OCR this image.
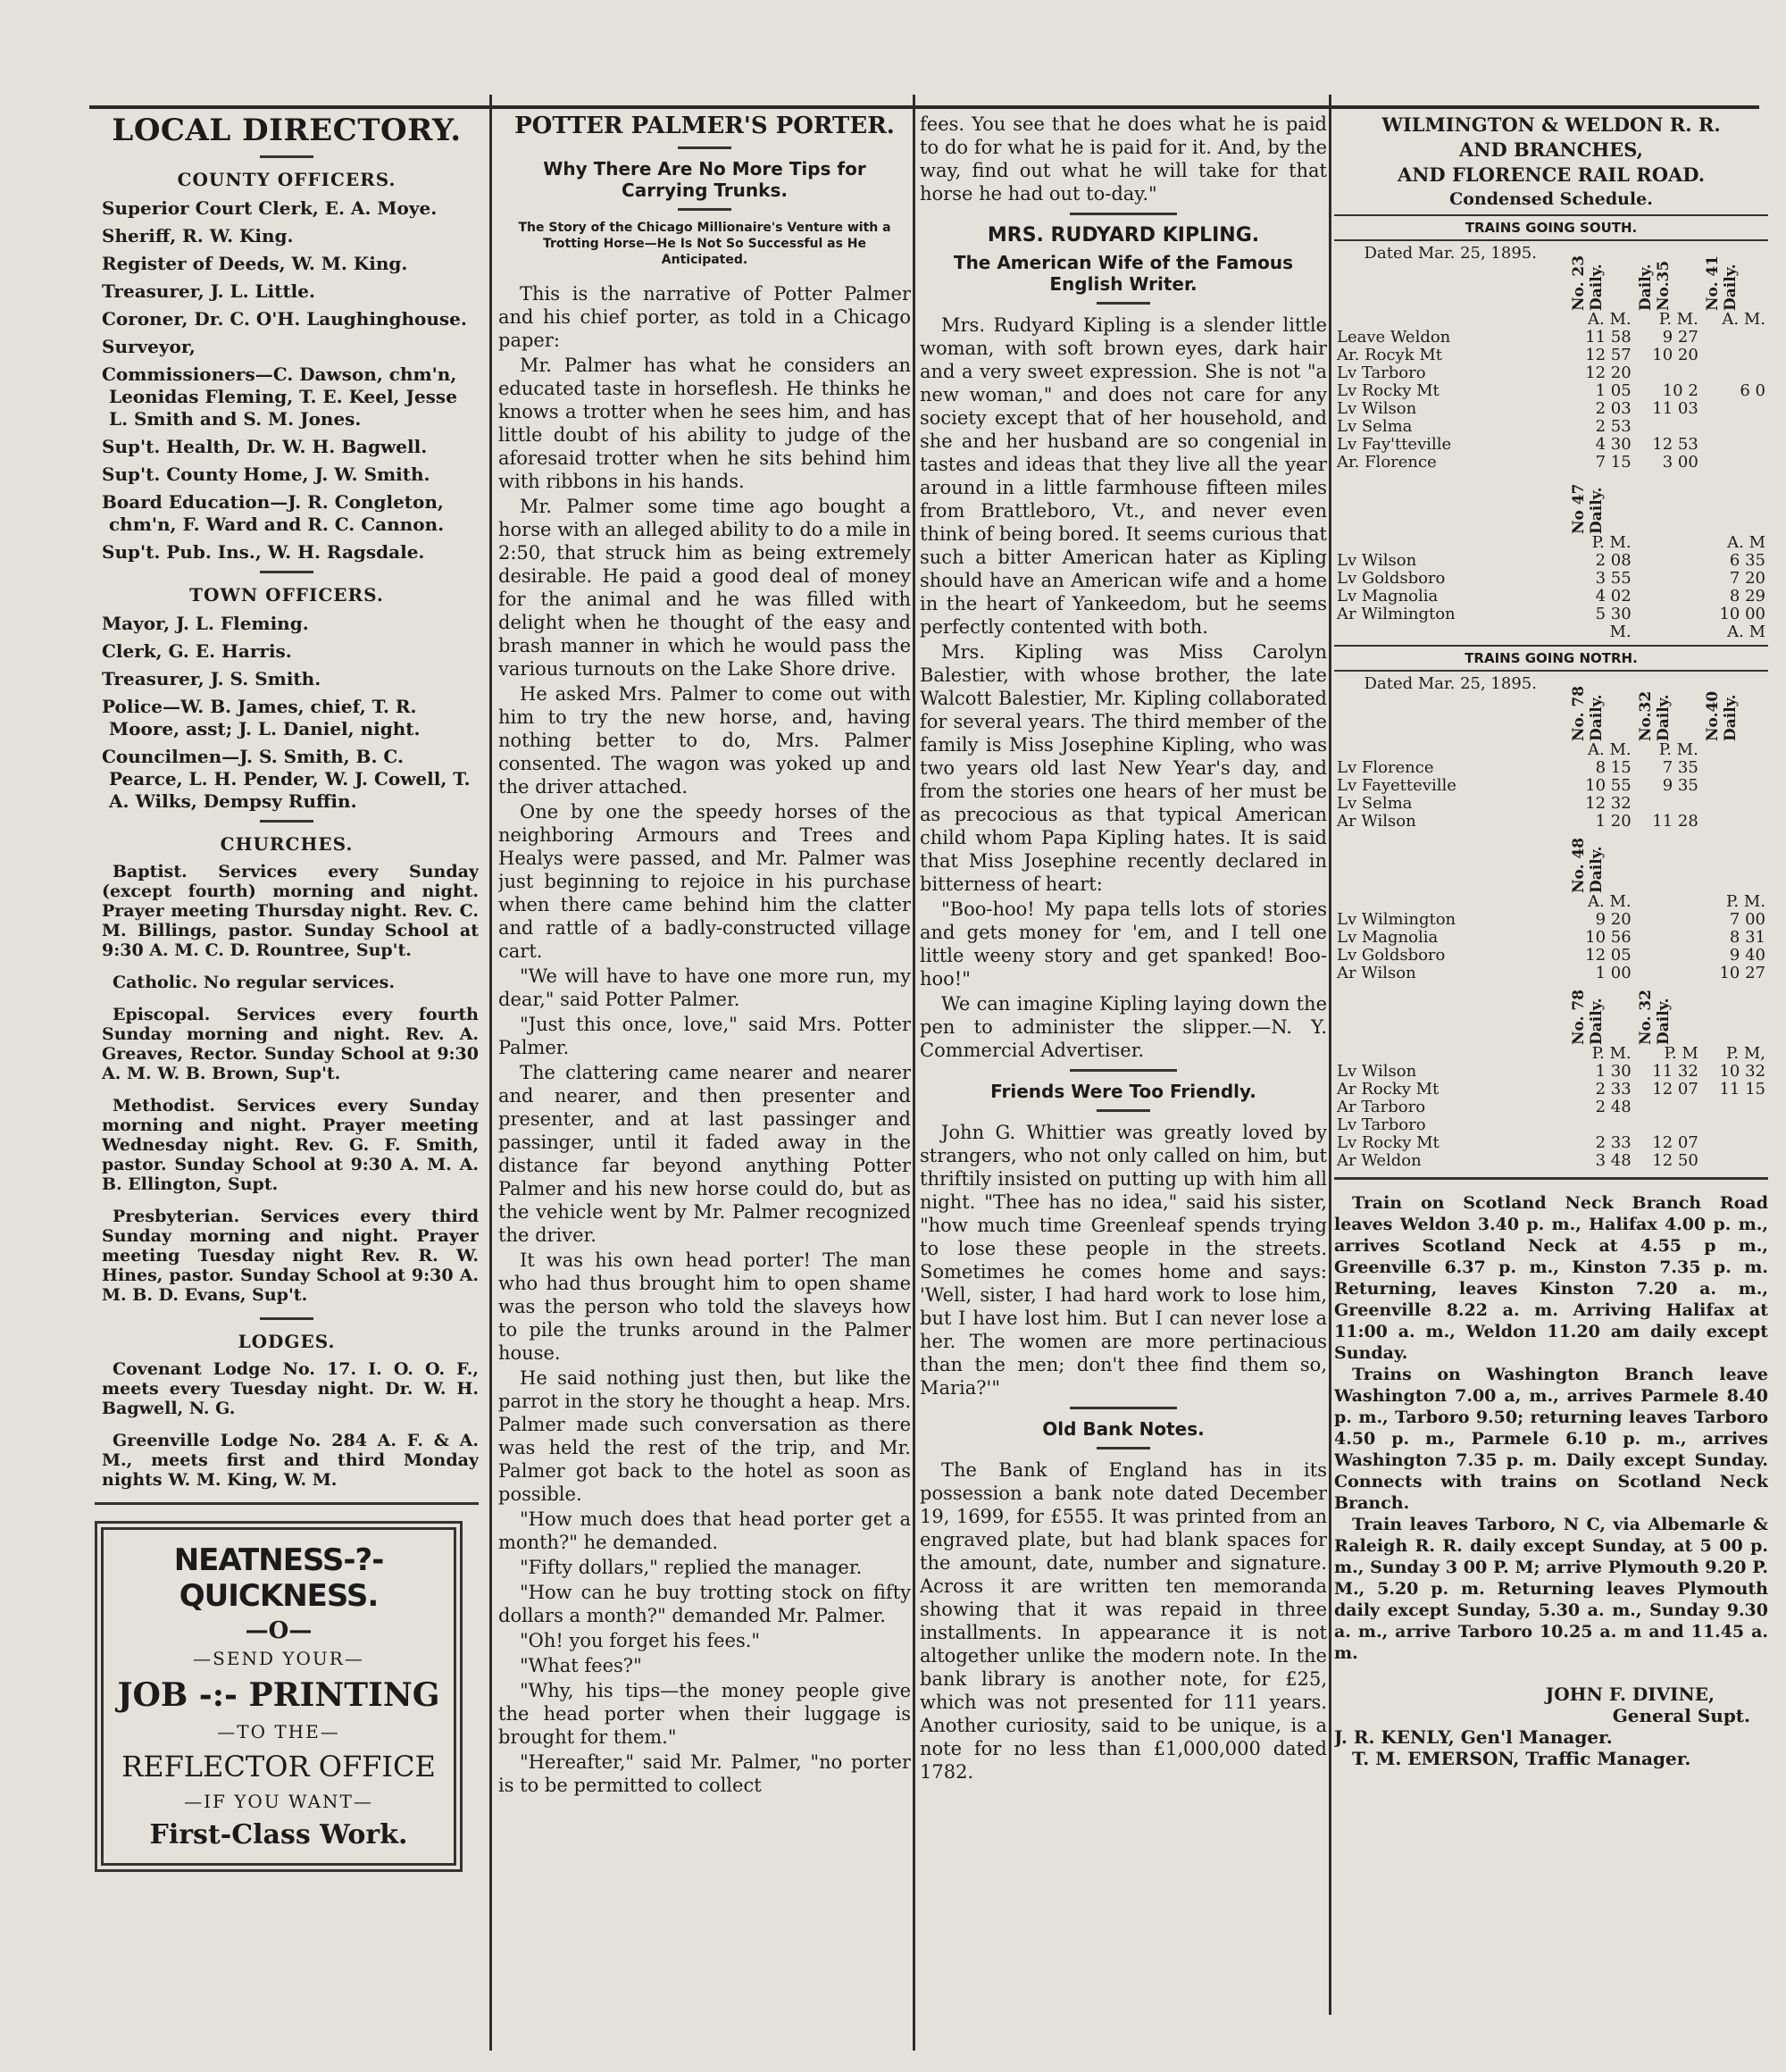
LOCAL DIRECTORY.
COUNTY OFFICERS.

Superior Court Clerk, E. A. Moye.

Sheriff, R. W. King.

Register of Deeds, W. M. King.

Treasurer, J. L. Little.

Coroner, Dr. C. O'H. Laughinghouse.

Surveyor,

Commissioners—C. Dawson, chm'n, Leonidas Fleming, T. E. Keel, Jesse L. Smith and S. M. Jones.

Sup't. Health, Dr. W. H. Bagwell.

Sup't. County Home, J. W. Smith.

Board Education—J. R. Congleton, chm'n, F. Ward and R. C. Cannon.

Sup't. Pub. Ins., W. H. Ragsdale.

TOWN OFFICERS.

Mayor, J. L. Fleming.

Clerk, G. E. Harris.

Treasurer, J. S. Smith.

Police—W. B. James, chief, T. R. Moore, asst; J. L. Daniel, night.

Councilmen—J. S. Smith, B. C. Pearce, L. H. Pender, W. J. Cowell, T. A. Wilks, Dempsy Ruffin.

CHURCHES.

Baptist. Services every Sunday (except fourth) morning and night. Prayer meeting Thursday night. Rev. C. M. Billings, pastor. Sunday School at 9:30 A. M. C. D. Rountree, Sup't.

Catholic. No regular services.

Episcopal. Services every fourth Sunday morning and night. Rev. A. Greaves, Rector. Sunday School at 9:30 A. M. W. B. Brown, Sup't.

Methodist. Services every Sunday morning and night. Prayer meeting Wednesday night. Rev. G. F. Smith, pastor. Sunday School at 9:30 A. M. A. B. Ellington, Supt.

Presbyterian. Services every third Sunday morning and night. Prayer meeting Tuesday night Rev. R. W. Hines, pastor. Sunday School at 9:30 A. M. B. D. Evans, Sup't.

LODGES.

Covenant Lodge No. 17. I. O. O. F., meets every Tuesday night. Dr. W. H. Bagwell, N. G.

Greenville Lodge No. 284 A. F. & A. M., meets first and third Monday nights W. M. King, W. M.

NEATNESS-?-QUICKNESS.
—O—
—SEND YOUR—
JOB -:- PRINTING
—TO THE—
REFLECTOR OFFICE
—IF YOU WANT—
First-Class Work.
POTTER PALMER'S PORTER.
Why There Are No More Tips for Carrying Trunks.
The Story of the Chicago Millionaire's Venture with a Trotting Horse—He Is Not So Successful as He Anticipated.

This is the narrative of Potter Palmer and his chief porter, as told in a Chicago paper:

Mr. Palmer has what he considers an educated taste in horseflesh. He thinks he knows a trotter when he sees him, and has little doubt of his ability to judge of the aforesaid trotter when he sits behind him with ribbons in his hands.

Mr. Palmer some time ago bought a horse with an alleged ability to do a mile in 2:50, that struck him as being extremely desirable. He paid a good deal of money for the animal and he was filled with delight when he thought of the easy and brash manner in which he would pass the various turnouts on the Lake Shore drive.

He asked Mrs. Palmer to come out with him to try the new horse, and, having nothing better to do, Mrs. Palmer consented. The wagon was yoked up and the driver attached.

One by one the speedy horses of the neighboring Armours and Trees and Healys were passed, and Mr. Palmer was just beginning to rejoice in his purchase when there came behind him the clatter and rattle of a badly-constructed village cart.

"We will have to have one more run, my dear," said Potter Palmer.

"Just this once, love," said Mrs. Potter Palmer.

The clattering came nearer and nearer and nearer, and then presenter and presenter, and at last passinger and passinger, until it faded away in the distance far beyond anything Potter Palmer and his new horse could do, but as the vehicle went by Mr. Palmer recognized the driver.

It was his own head porter! The man who had thus brought him to open shame was the person who told the slaveys how to pile the trunks around in the Palmer house.

He said nothing just then, but like the parrot in the story he thought a heap. Mrs. Palmer made such conversation as there was held the rest of the trip, and Mr. Palmer got back to the hotel as soon as possible.

"How much does that head porter get a month?" he demanded.

"Fifty dollars," replied the manager.

"How can he buy trotting stock on fifty dollars a month?" demanded Mr. Palmer.

"Oh! you forget his fees."

"What fees?"

"Why, his tips—the money people give the head porter when their luggage is brought for them."

"Hereafter," said Mr. Palmer, "no porter is to be permitted to collect

fees. You see that he does what he is paid to do for what he is paid for it. And, by the way, find out what he will take for that horse he had out to-day."

MRS. RUDYARD KIPLING.
The American Wife of the Famous English Writer.

Mrs. Rudyard Kipling is a slender little woman, with soft brown eyes, dark hair and a very sweet expression. She is not "a new woman," and does not care for any society except that of her household, and she and her husband are so congenial in tastes and ideas that they live all the year around in a little farmhouse fifteen miles from Brattleboro, Vt., and never even think of being bored. It seems curious that such a bitter American hater as Kipling should have an American wife and a home in the heart of Yankeedom, but he seems perfectly contented with both.

Mrs. Kipling was Miss Carolyn Balestier, with whose brother, the late Walcott Balestier, Mr. Kipling collaborated for several years. The third member of the family is Miss Josephine Kipling, who was two years old last New Year's day, and from the stories one hears of her must be as precocious as that typical American child whom Papa Kipling hates. It is said that Miss Josephine recently declared in bitterness of heart:

"Boo-hoo! My papa tells lots of stories and gets money for 'em, and I tell one little weeny story and get spanked! Boo-hoo!"

We can imagine Kipling laying down the pen to administer the slipper.—N. Y. Commercial Advertiser.

Friends Were Too Friendly.

John G. Whittier was greatly loved by strangers, who not only called on him, but thriftily insisted on putting up with him all night. "Thee has no idea," said his sister, "how much time Greenleaf spends trying to lose these people in the streets. Sometimes he comes home and says: 'Well, sister, I had hard work to lose him, but I have lost him. But I can never lose a her. The women are more pertinacious than the men; don't thee find them so, Maria?'"

Old Bank Notes.

The Bank of England has in its possession a bank note dated December 19, 1699, for £555. It was printed from an engraved plate, but had blank spaces for the amount, date, number and signature. Across it are written ten memoranda showing that it was repaid in three installments. In appearance it is not altogether unlike the modern note. In the bank library is another note, for £25, which was not presented for 111 years. Another curiosity, said to be unique, is a note for no less than £1,000,000 dated 1782.

WILMINGTON & WELDON R. R.

AND BRANCHES,

AND FLORENCE RAIL ROAD.

Condensed Schedule.
TRAINS GOING SOUTH.
Dated Mar. 25, 1895.	No. 23 Daily.	Daily. No.35	No. 41 Daily.

	A. M.	P. M.	A. M.
Leave Weldon	11 58	9 27	
Ar. Rocyk Mt	12 57	10 20	
Lv Tarboro	12 20		
Lv Rocky Mt	1 05	10 2	6 0
Lv Wilson	2 03	11 03	
Lv Selma	2 53		
Lv Fay'tteville	4 30	12 53	
Ar. Florence	7 15	3 00	

	No 47 Daily.		

	P. M.		A. M
Lv Wilson	2 08		6 35
Lv Goldsboro	3 55		7 20
Lv Magnolia	4 02		8 29
Ar Wilmington	5 30		10 00
	M.		A. M
TRAINS GOING NOTRH.
Dated Mar. 25, 1895.	No. 78 Daily.	No.32 Daily.	No.40 Daily.

	A. M.	P. M.	
Lv Florence	8 15	7 35	
Lv Fayetteville	10 55	9 35	
Lv Selma	12 32		
Ar Wilson	1 20	11 28	

	No. 48 Daily.		

	A. M.		P. M.
Lv Wilmington	9 20		7 00
Lv Magnolia	10 56		8 31
Lv Goldsboro	12 05		9 40
Ar Wilson	1 00		10 27

	No. 78 Daily.	No. 32 Daily.	

	P. M.	P. M	P. M,
Lv Wilson	1 30	11 32	10 32
Ar Rocky Mt	2 33	12 07	11 15
Ar Tarboro	2 48		
Lv Tarboro			
Lv Rocky Mt	2 33	12 07	
Ar Weldon	3 48	12 50	

Train on Scotland Neck Branch Road leaves Weldon 3.40 p. m., Halifax 4.00 p. m., arrives Scotland Neck at 4.55 p m., Greenville 6.37 p. m., Kinston 7.35 p. m. Returning, leaves Kinston 7.20 a. m., Greenville 8.22 a. m. Arriving Halifax at 11:00 a. m., Weldon 11.20 am daily except Sunday.

Trains on Washington Branch leave Washington 7.00 a, m., arrives Parmele 8.40 p. m., Tarboro 9.50; returning leaves Tarboro 4.50 p. m., Parmele 6.10 p. m., arrives Washington 7.35 p. m. Daily except Sunday. Connects with trains on Scotland Neck Branch.

Train leaves Tarboro, N C, via Albemarle & Raleigh R. R. daily except Sunday, at 5 00 p. m., Sunday 3 00 P. M; arrive Plymouth 9.20 P. M., 5.20 p. m. Returning leaves Plymouth daily except Sunday, 5.30 a. m., Sunday 9.30 a. m., arrive Tarboro 10.25 a. m and 11.45 a. m.

JOHN F. DIVINE,

General Supt.

J. R. KENLY, Gen'l Manager.

T. M. EMERSON, Traffic Manager.
